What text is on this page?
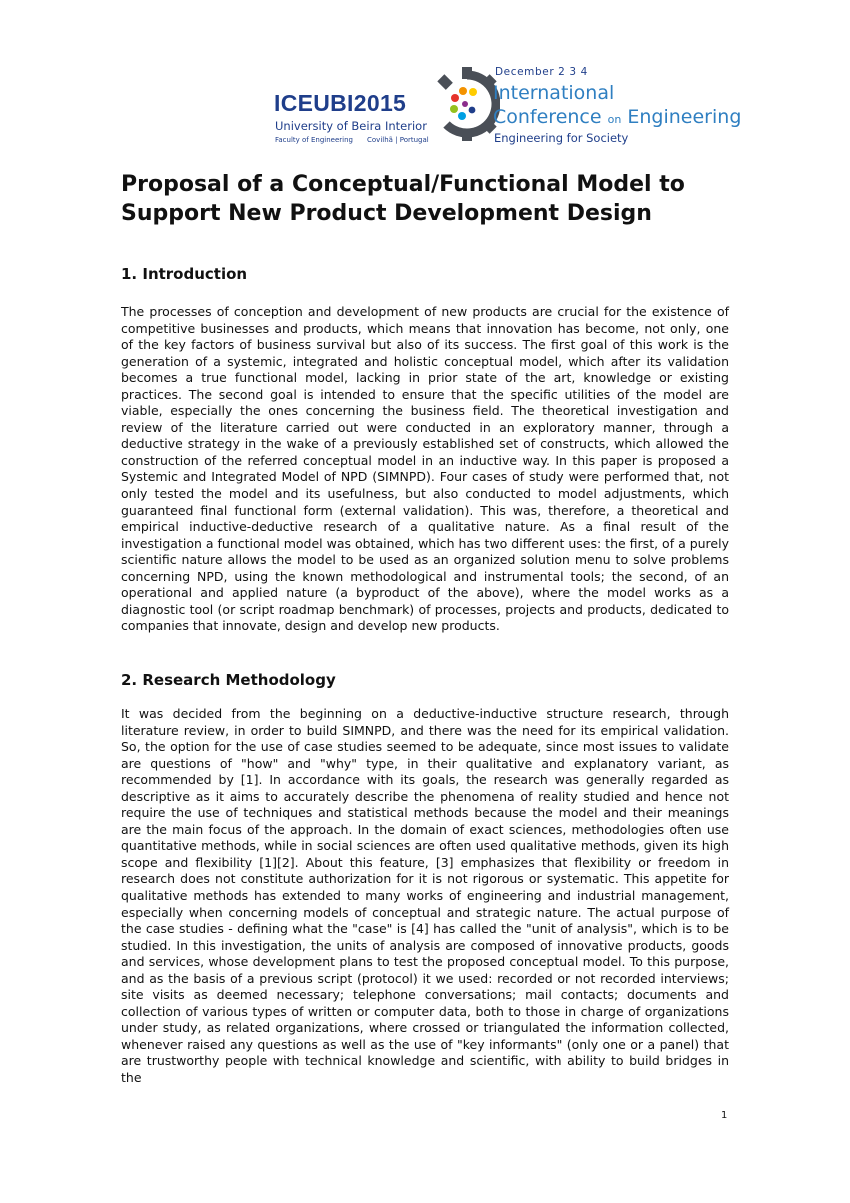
ICEUBI2015
University of Beira Interior
Faculty of Engineering Covilhã | Portugal
December 2 3 4
International
Conference on Engineering
Engineering for Society
Proposal of a Conceptual/Functional Model to Support New Product Development Design
1. Introduction

The processes of conception and development of new products are crucial for the existence of competitive businesses and products, which means that innovation has become, not only, one of the key factors of business survival but also of its success. The first goal of this work is the generation of a systemic, integrated and holistic conceptual model, which after its validation becomes a true functional model, lacking in prior state of the art, knowledge or existing practices. The second goal is intended to ensure that the specific utilities of the model are viable, especially the ones concerning the business field. The theoretical investigation and review of the literature carried out were conducted in an exploratory manner, through a deductive strategy in the wake of a previously established set of constructs, which allowed the construction of the referred conceptual model in an inductive way. In this paper is proposed a Systemic and Integrated Model of NPD (SIMNPD). Four cases of study were performed that, not only tested the model and its usefulness, but also conducted to model adjustments, which guaranteed final functional form (external validation). This was, therefore, a theoretical and empirical inductive-deductive research of a qualitative nature. As a final result of the investigation a functional model was obtained, which has two different uses: the first, of a purely scientific nature allows the model to be used as an organized solution menu to solve problems concerning NPD, using the known methodological and instrumental tools; the second, of an operational and applied nature (a byproduct of the above), where the model works as a diagnostic tool (or script roadmap benchmark) of processes, projects and products, dedicated to companies that innovate, design and develop new products.

2. Research Methodology

It was decided from the beginning on a deductive-inductive structure research, through literature review, in order to build SIMNPD, and there was the need for its empirical validation. So, the option for the use of case studies seemed to be adequate, since most issues to validate are questions of "how" and "why" type, in their qualitative and explanatory variant, as recommended by [1]. In accordance with its goals, the research was generally regarded as descriptive as it aims to accurately describe the phenomena of reality studied and hence not require the use of techniques and statistical methods because the model and their meanings are the main focus of the approach. In the domain of exact sciences, methodologies often use quantitative methods, while in social sciences are often used qualitative methods, given its high scope and flexibility [1][2]. About this feature, [3] emphasizes that flexibility or freedom in research does not constitute authorization for it is not rigorous or systematic. This appetite for qualitative methods has extended to many works of engineering and industrial management, especially when concerning models of conceptual and strategic nature. The actual purpose of the case studies - defining what the "case" is [4] has called the "unit of analysis", which is to be studied. In this investigation, the units of analysis are composed of innovative products, goods and services, whose development plans to test the proposed conceptual model. To this purpose, and as the basis of a previous script (protocol) it we used: recorded or not recorded interviews; site visits as deemed necessary; telephone conversations; mail contacts; documents and collection of various types of written or computer data, both to those in charge of organizations under study, as related organizations, where crossed or triangulated the information collected, whenever raised any questions as well as the use of "key informants" (only one or a panel) that are trustworthy people with technical knowledge and scientific, with ability to build bridges in the

1
